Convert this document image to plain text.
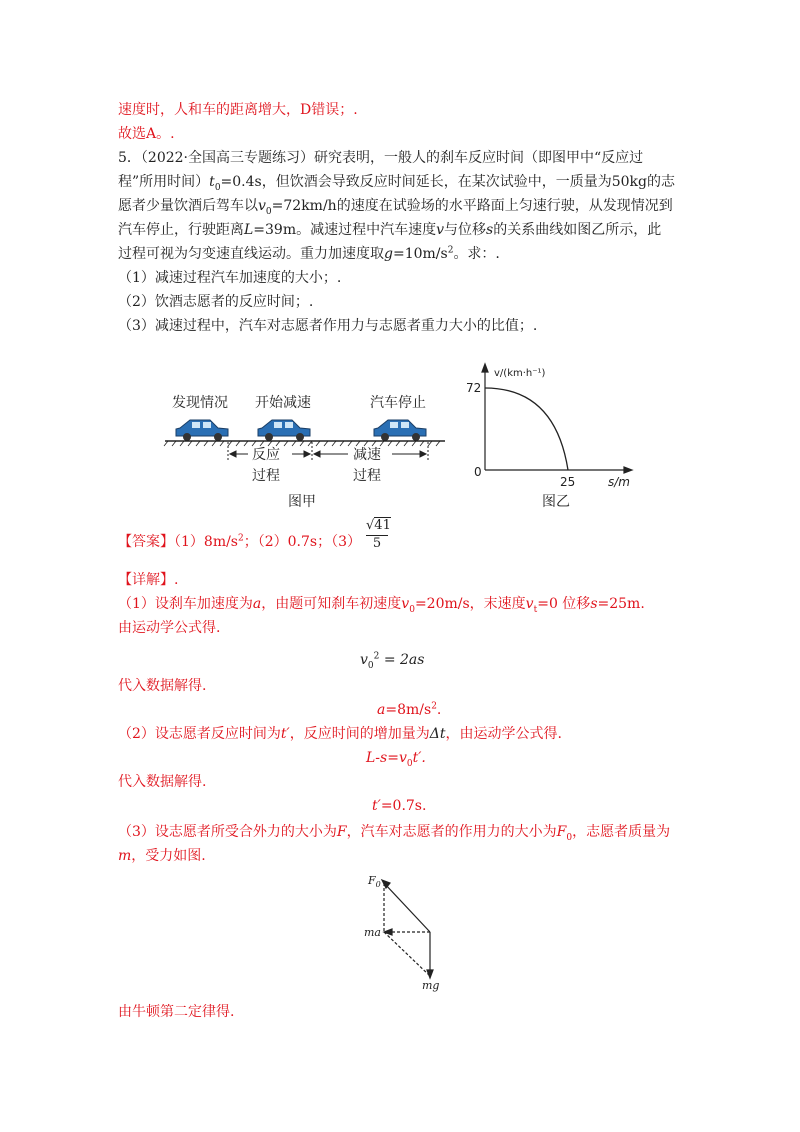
速度时，人和车的距离增大，D错误；.
故选A。.
5．（2022·全国高三专题练习）研究表明，一般人的刹车反应时间（即图甲中“反应过
程”所用时间）$t_0=0.4s$，但饮酒会导致反应时间延长，在某次试验中，一质量为50kg的志
愿者少量饮酒后驾车以$v_0=72km/h$的速度在试验场的水平路面上匀速行驶，从发现情况到
汽车停止，行驶距离L=39m。减速过程中汽车速度v与位移s的关系曲线如图乙所示，此
过程可视为匀变速直线运动。重力加速度取$g=10m/s^2$。求：.
（1）减速过程汽车加速度的大小；.
（2）饮酒志愿者的反应时间；.
（3）减速过程中，汽车对志愿者作用力与志愿者重力大小的比值；.
发现情况 开始减速	汽车停止
反应
过程
减速
过程
图甲
v/(km·h⁻¹)
72
0
25	s/m
图乙
【答案】$(1)8m/s^2$；（2）0.7s；（3）
√41
5
【详解】.
（1）设刹车加速度为a，由题可知刹车初速度$v_0=20m/s$，末速度$v_t=0$ 位移s=25m.
由运动学公式得.
$v_0^2 = 2as$
代入数据解得.
$a=8m/s^2$.
（2）设志愿者反应时间为t′，反应时间的增加量为Δt，由运动学公式得.
$L-s=v_0t'$.
代入数据解得.
t′=0.7s.
（3）设志愿者所受合外力的大小为F，汽车对志愿者的作用力的大小为$F_0$，志愿者质量为
m，受力如图.
$F_0$
ma
mg
由牛顿第二定律得.
